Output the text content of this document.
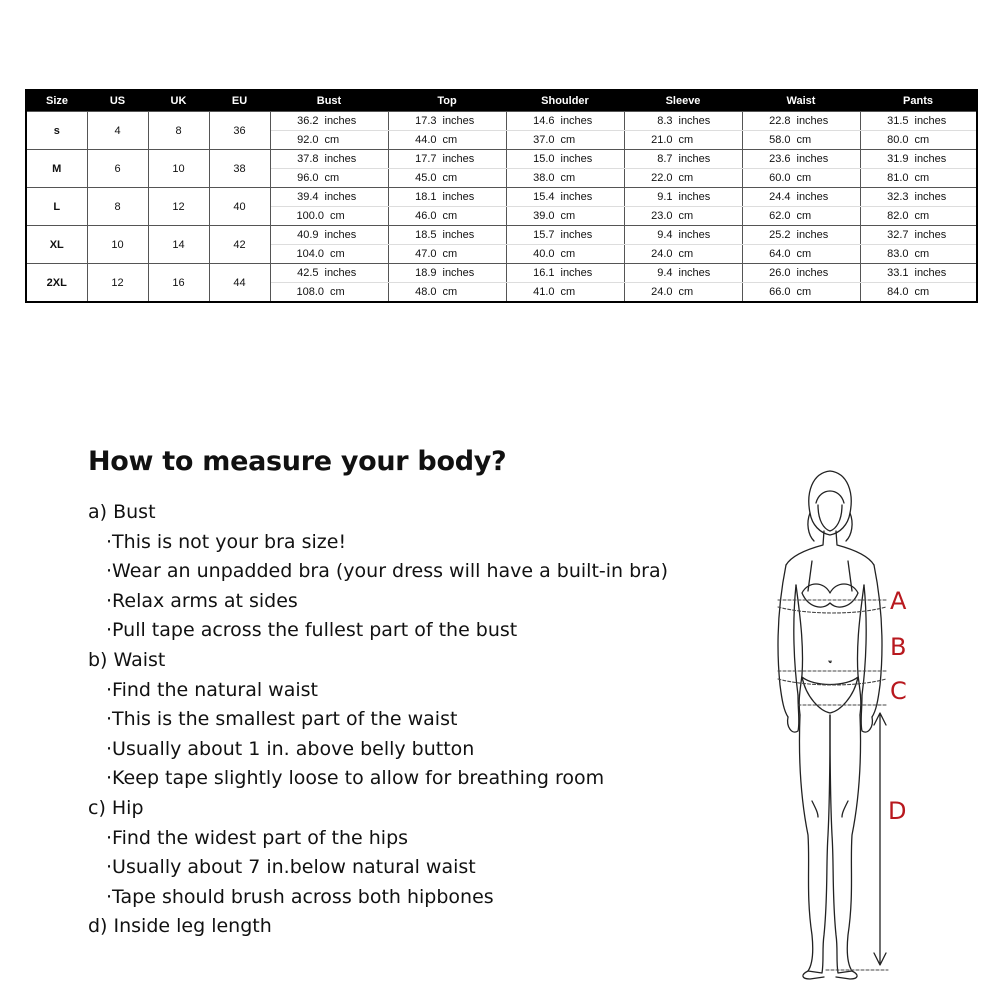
Size	US	UK	EU	Bust	Top	Shoulder	Sleeve	Waist	Pants
s	4	8	36	36.2 inches	17.3 inches	14.6 inches	8.3 inches	22.8 inches	31.5 inches
				92.0 cm	44.0 cm	37.0 cm	21.0 cm	58.0 cm	80.0 cm
M	6	10	38	37.8 inches	17.7 inches	15.0 inches	8.7 inches	23.6 inches	31.9 inches
				96.0 cm	45.0 cm	38.0 cm	22.0 cm	60.0 cm	81.0 cm
L	8	12	40	39.4 inches	18.1 inches	15.4 inches	9.1 inches	24.4 inches	32.3 inches
				100.0 cm	46.0 cm	39.0 cm	23.0 cm	62.0 cm	82.0 cm
XL	10	14	42	40.9 inches	18.5 inches	15.7 inches	9.4 inches	25.2 inches	32.7 inches
				104.0 cm	47.0 cm	40.0 cm	24.0 cm	64.0 cm	83.0 cm
2XL	12	16	44	42.5 inches	18.9 inches	16.1 inches	9.4 inches	26.0 inches	33.1 inches
				108.0 cm	48.0 cm	41.0 cm	24.0 cm	66.0 cm	84.0 cm
How to measure your body?
a) Bust
· This is not your bra size!
· Wear an unpadded bra (your dress will have a built-in bra)
· Relax arms at sides
· Pull tape across the fullest part of the bust
b) Waist
· Find the natural waist
· This is the smallest part of the waist
· Usually about 1 in. above belly button
· Keep tape slightly loose to allow for breathing room
c) Hip
· Find the widest part of the hips
· Usually about 7 in.below natural waist
· Tape should brush across both hipbones
d) Inside leg length
A
B
C
D
